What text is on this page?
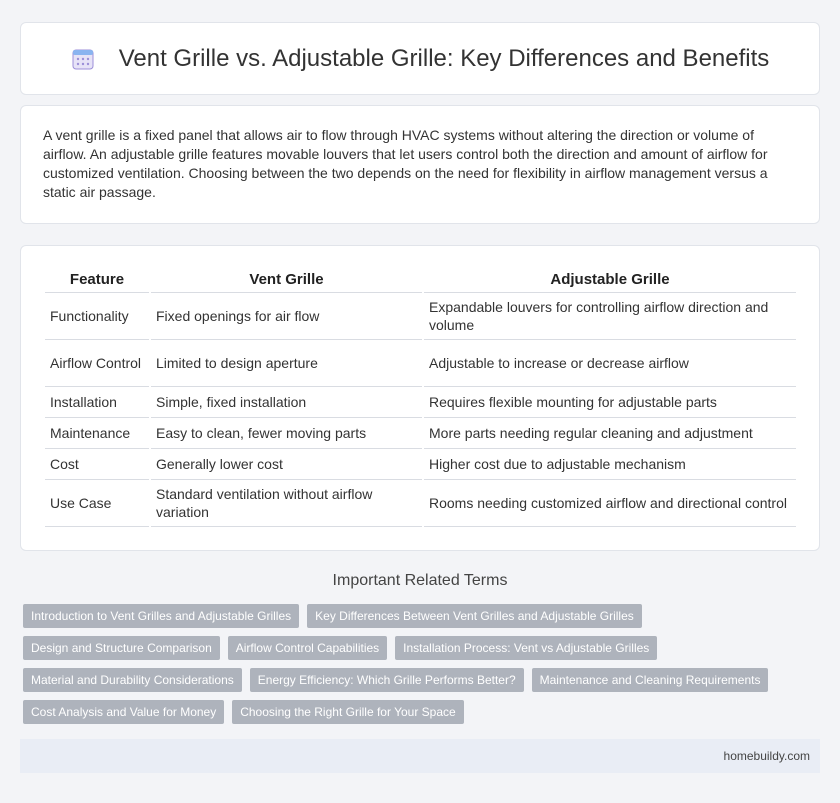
Vent Grille vs. Adjustable Grille: Key Differences and Benefits

A vent grille is a fixed panel that allows air to flow through HVAC systems without altering the direction or volume of airflow. An adjustable grille features movable louvers that let users control both the direction and amount of airflow for customized ventilation. Choosing between the two depends on the need for flexibility in airflow management versus a static air passage.

Feature	Vent Grille	Adjustable Grille
Functionality	Fixed openings for air flow	Expandable louvers for controlling airflow direction and volume
Airflow Control	Limited to design aperture	Adjustable to increase or decrease airflow
Installation	Simple, fixed installation	Requires flexible mounting for adjustable parts
Maintenance	Easy to clean, fewer moving parts	More parts needing regular cleaning and adjustment
Cost	Generally lower cost	Higher cost due to adjustable mechanism
Use Case	Standard ventilation without airflow variation	Rooms needing customized airflow and directional control
Important Related Terms
Introduction to Vent Grilles and Adjustable Grilles	Key Differences Between Vent Grilles and Adjustable Grilles
Design and Structure Comparison	Airflow Control Capabilities	Installation Process: Vent vs Adjustable Grilles
Material and Durability Considerations	Energy Efficiency: Which Grille Performs Better?	Maintenance and Cleaning Requirements
Cost Analysis and Value for Money	Choosing the Right Grille for Your Space
homebuildy.com
